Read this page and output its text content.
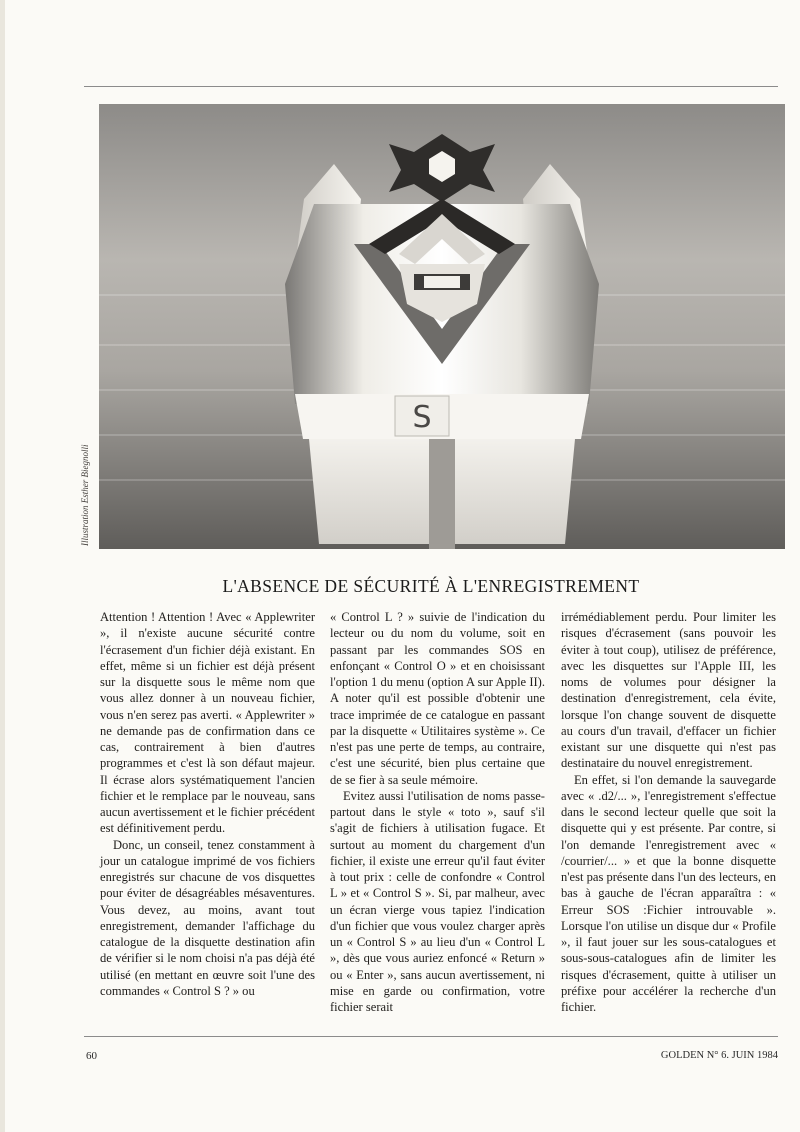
S
Illustration Esther Biegnolli
L'ABSENCE DE SÉCURITÉ À L'ENREGISTREMENT

Attention ! Attention ! Avec « Applewriter », il n'existe aucune sécurité contre l'écrasement d'un fichier déjà existant. En effet, même si un fichier est déjà présent sur la disquette sous le même nom que vous allez donner à un nouveau fichier, vous n'en serez pas averti. « Applewriter » ne demande pas de confirmation dans ce cas, contrairement à bien d'autres programmes et c'est là son défaut majeur. Il écrase alors systématiquement l'ancien fichier et le remplace par le nouveau, sans aucun avertissement et le fichier précédent est définitivement perdu.

Donc, un conseil, tenez constamment à jour un catalogue imprimé de vos fichiers enregistrés sur chacune de vos disquettes pour éviter de désagréables mésaventures. Vous devez, au moins, avant tout enregistrement, demander l'affichage du catalogue de la disquette destination afin de vérifier si le nom choisi n'a pas déjà été utilisé (en mettant en œuvre soit l'une des commandes « Control S ? » ou

« Control L ? » suivie de l'indication du lecteur ou du nom du volume, soit en passant par les commandes SOS en enfonçant « Control O » et en choisissant l'option 1 du menu (option A sur Apple II). A noter qu'il est possible d'obtenir une trace imprimée de ce catalogue en passant par la disquette « Utilitaires système ». Ce n'est pas une perte de temps, au contraire, c'est une sécurité, bien plus certaine que de se fier à sa seule mémoire.

Evitez aussi l'utilisation de noms passe-partout dans le style « toto », sauf s'il s'agit de fichiers à utilisation fugace. Et surtout au moment du chargement d'un fichier, il existe une erreur qu'il faut éviter à tout prix : celle de confondre « Control L » et « Control S ». Si, par malheur, avec un écran vierge vous tapiez l'indication d'un fichier que vous voulez charger après un « Control S » au lieu d'un « Control L », dès que vous auriez enfoncé « Return » ou « Enter », sans aucun avertissement, ni mise en garde ou confirmation, votre fichier serait

irrémédiablement perdu. Pour limiter les risques d'écrasement (sans pouvoir les éviter à tout coup), utilisez de préférence, avec les disquettes sur l'Apple III, les noms de volumes pour désigner la destination d'enregistrement, cela évite, lorsque l'on change souvent de disquette au cours d'un travail, d'effacer un fichier existant sur une disquette qui n'est pas destinataire du nouvel enregistrement.

En effet, si l'on demande la sauvegarde avec « .d2/... », l'enregistrement s'effectue dans le second lecteur quelle que soit la disquette qui y est présente. Par contre, si l'on demande l'enregistrement avec « /courrier/... » et que la bonne disquette n'est pas présente dans l'un des lecteurs, en bas à gauche de l'écran apparaîtra : « Erreur SOS :Fichier introuvable ». Lorsque l'on utilise un disque dur « Profile », il faut jouer sur les sous-catalogues et sous-sous-catalogues afin de limiter les risques d'écrasement, quitte à utiliser un préfixe pour accélérer la recherche d'un fichier.

60	GOLDEN N° 6. JUIN 1984
